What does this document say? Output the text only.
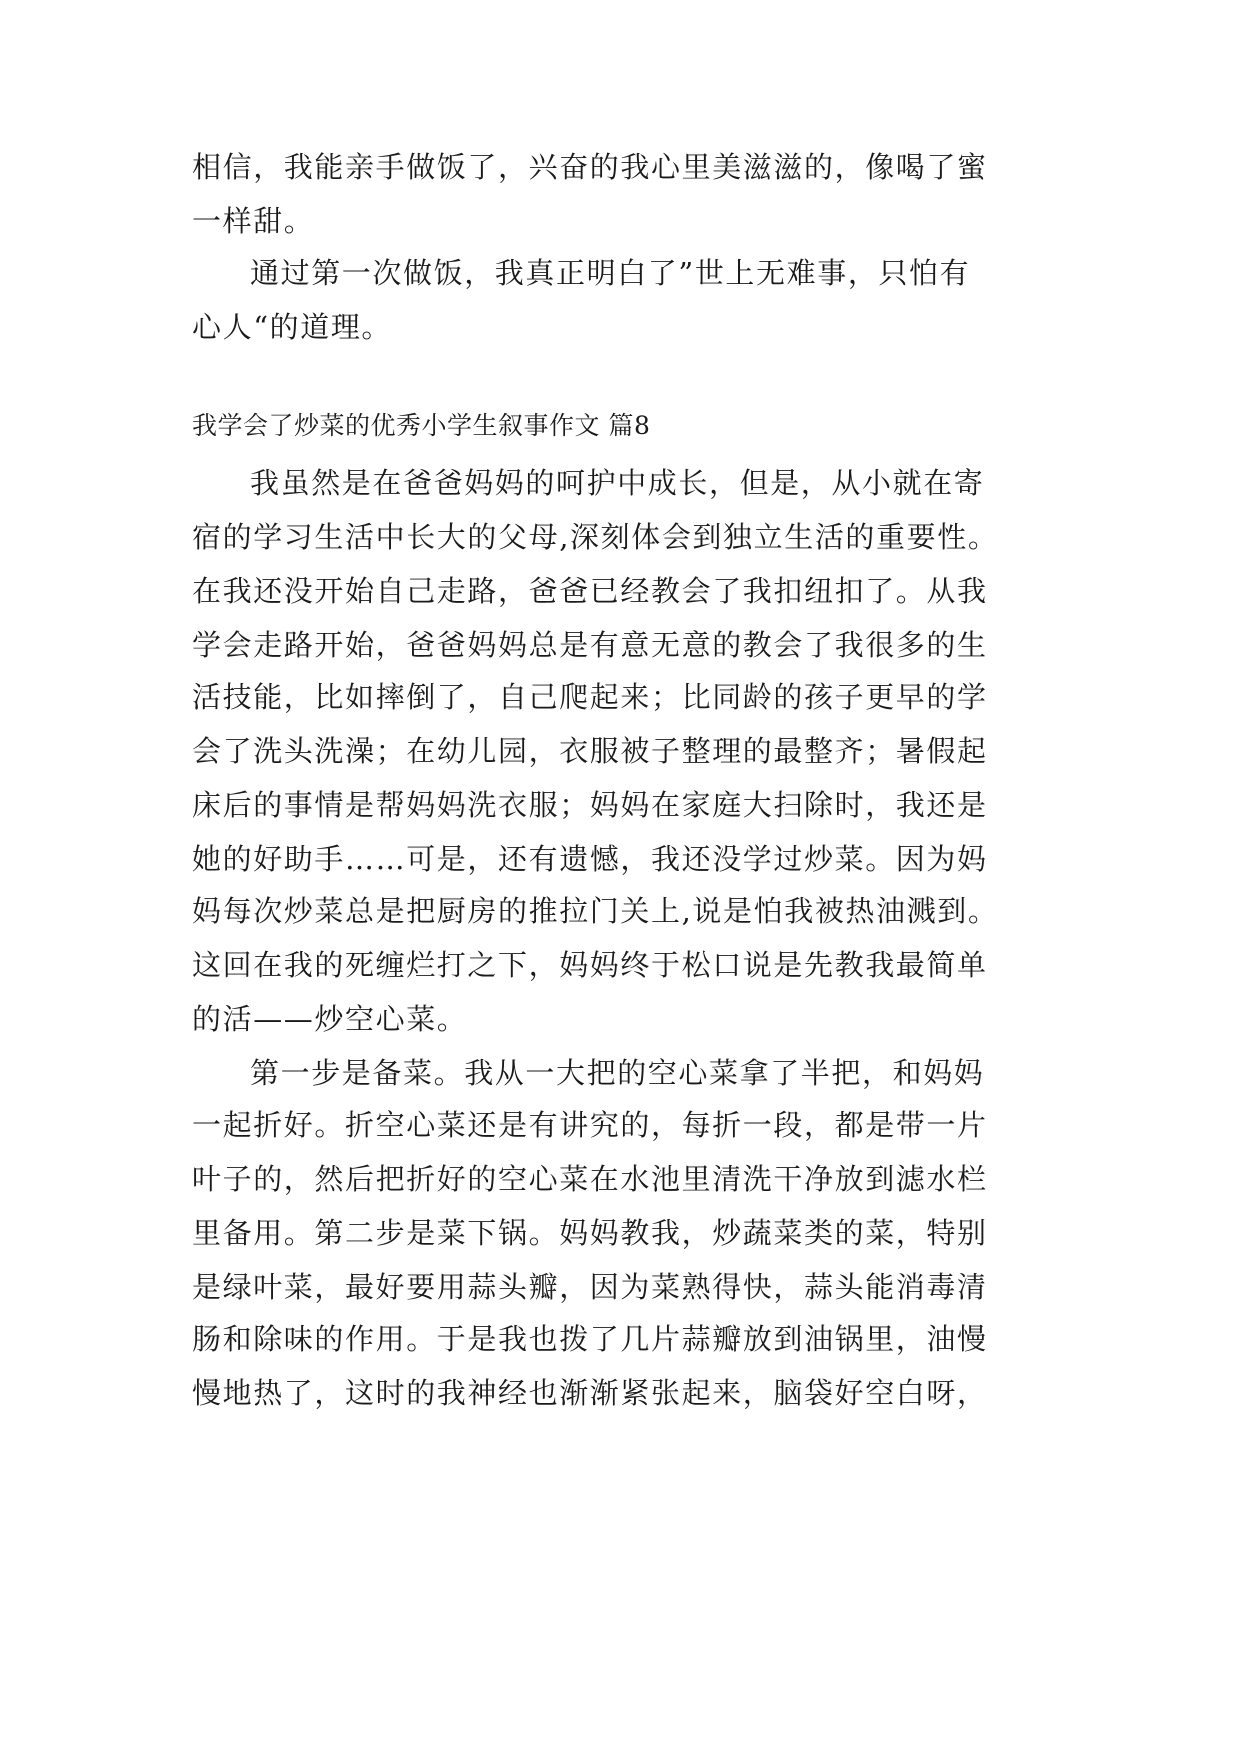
相信，我能亲手做饭了，兴奋的我心里美滋滋的，像喝了蜜
一样甜。
通过第一次做饭，我真正明白了”世上无难事，只怕有
心人“的道理。
我学会了炒菜的优秀小学生叙事作文 篇8
我虽然是在爸爸妈妈的呵护中成长，但是，从小就在寄
宿的学习生活中长大的父母,深刻体会到独立生活的重要性。
在我还没开始自己走路，爸爸已经教会了我扣纽扣了。从我
学会走路开始，爸爸妈妈总是有意无意的教会了我很多的生
活技能，比如摔倒了，自己爬起来；比同龄的孩子更早的学
会了洗头洗澡；在幼儿园，衣服被子整理的最整齐；暑假起
床后的事情是帮妈妈洗衣服；妈妈在家庭大扫除时，我还是
她的好助手……可是，还有遗憾，我还没学过炒菜。因为妈
妈每次炒菜总是把厨房的推拉门关上,说是怕我被热油溅到。
这回在我的死缠烂打之下，妈妈终于松口说是先教我最简单
的活——炒空心菜。
第一步是备菜。我从一大把的空心菜拿了半把，和妈妈
一起折好。折空心菜还是有讲究的，每折一段，都是带一片
叶子的，然后把折好的空心菜在水池里清洗干净放到滤水栏
里备用。第二步是菜下锅。妈妈教我，炒蔬菜类的菜，特别
是绿叶菜，最好要用蒜头瓣，因为菜熟得快，蒜头能消毒清
肠和除味的作用。于是我也拨了几片蒜瓣放到油锅里，油慢
慢地热了，这时的我神经也渐渐紧张起来，脑袋好空白呀，
